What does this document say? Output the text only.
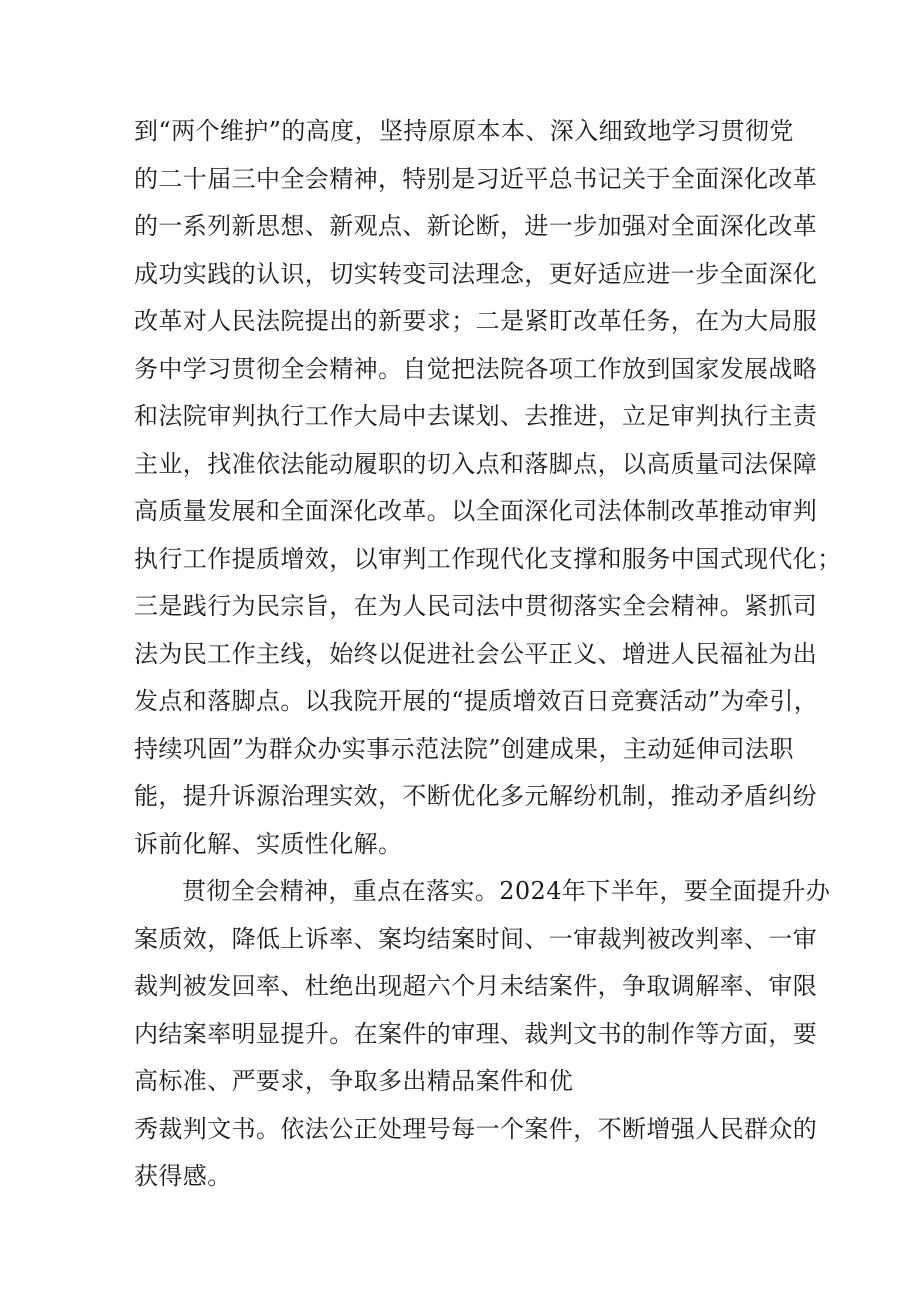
到“两个维护”的高度，坚持原原本本、深入细致地学习贯彻党
的二十届三中全会精神，特别是习近平总书记关于全面深化改革
的一系列新思想、新观点、新论断，进一步加强对全面深化改革
成功实践的认识，切实转变司法理念，更好适应进一步全面深化
改革对人民法院提出的新要求；二是紧盯改革任务，在为大局服
务中学习贯彻全会精神。自觉把法院各项工作放到国家发展战略
和法院审判执行工作大局中去谋划、去推进，立足审判执行主责
主业，找准依法能动履职的切入点和落脚点，以高质量司法保障
高质量发展和全面深化改革。以全面深化司法体制改革推动审判
执行工作提质增效，以审判工作现代化支撑和服务中国式现代化；
三是践行为民宗旨，在为人民司法中贯彻落实全会精神。紧抓司
法为民工作主线，始终以促进社会公平正义、增进人民福祉为出
发点和落脚点。以我院开展的“提质增效百日竞赛活动”为牵引，
持续巩固”为群众办实事示范法院”创建成果，主动延伸司法职
能，提升诉源治理实效，不断优化多元解纷机制，推动矛盾纠纷
诉前化解、实质性化解。
贯彻全会精神，重点在落实。2024年下半年，要全面提升办
案质效，降低上诉率、案均结案时间、一审裁判被改判率、一审
裁判被发回率、杜绝出现超六个月未结案件，争取调解率、审限
内结案率明显提升。在案件的审理、裁判文书的制作等方面，要
高标准、严要求，争取多出精品案件和优
秀裁判文书。依法公正处理号每一个案件，不断增强人民群众的
获得感。
